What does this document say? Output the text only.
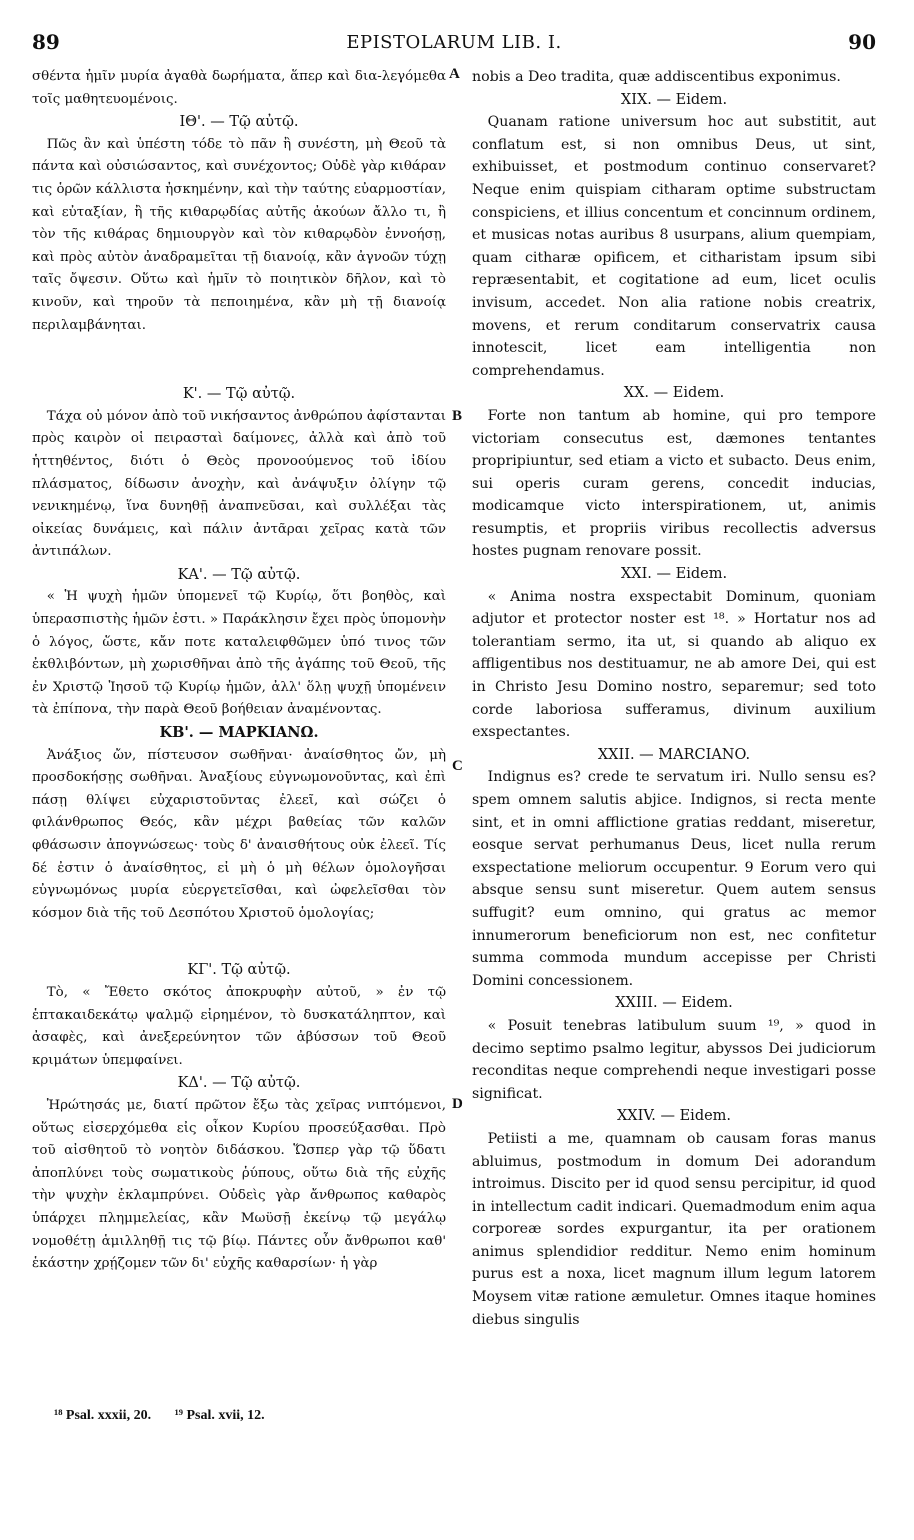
89	EPISTOLARUM LIB. I.	90

σθέντα ἡμῖν μυρία ἀγαθὰ δωρήματα, ἅπερ καὶ δια-λεγόμεθα τοῖς μαθητευομένοις.

ΙΘ'. — Τῷ αὐτῷ.

Πῶς ἂν καὶ ὑπέστη τόδε τὸ πᾶν ἢ συνέστη, μὴ Θεοῦ τὰ πάντα καὶ οὐσιώσαντος, καὶ συνέχοντος; Οὐδὲ γὰρ κιθάραν τις ὁρῶν κάλλιστα ἠσκημένην, καὶ τὴν ταύτης εὐαρμοστίαν, καὶ εὐταξίαν, ἢ τῆς κιθαρῳδίας αὐτῆς ἀκούων ἄλλο τι, ἢ τὸν τῆς κιθάρας δημιουργὸν καὶ τὸν κιθαρῳδὸν ἐννοήσῃ, καὶ πρὸς αὐτὸν ἀναδραμεῖται τῇ διανοίᾳ, κἂν ἀγνοῶν τύχῃ ταῖς ὄψεσιν. Οὕτω καὶ ἡμῖν τὸ ποιητικὸν δῆλον, καὶ τὸ κινοῦν, καὶ τηροῦν τὰ πεποιημένα, κἂν μὴ τῇ διανοίᾳ περιλαμβάνηται.

Κ'. — Τῷ αὐτῷ.

Τάχα οὐ μόνον ἀπὸ τοῦ νικήσαντος ἀνθρώπου ἀφίστανται πρὸς καιρὸν οἱ πειρασταὶ δαίμονες, ἀλλὰ καὶ ἀπὸ τοῦ ἡττηθέντος, διότι ὁ Θεὸς προνοούμενος τοῦ ἰδίου πλάσματος, δίδωσιν ἀνοχὴν, καὶ ἀνάψυξιν ὀλίγην τῷ νενικημένῳ, ἵνα δυνηθῇ ἀναπνεῦσαι, καὶ συλλέξαι τὰς οἰκείας δυνάμεις, καὶ πάλιν ἀντᾶραι χεῖρας κατὰ τῶν ἀντιπάλων.

ΚΑ'. — Τῷ αὐτῷ.

« Ἡ ψυχὴ ἡμῶν ὑπομενεῖ τῷ Κυρίῳ, ὅτι βοηθὸς, καὶ ὑπερασπιστὴς ἡμῶν ἐστι. » Παράκλησιν ἔχει πρὸς ὑπομονὴν ὁ λόγος, ὥστε, κἄν ποτε καταλειφθῶμεν ὑπό τινος τῶν ἐκθλιβόντων, μὴ χωρισθῆναι ἀπὸ τῆς ἀγάπης τοῦ Θεοῦ, τῆς ἐν Χριστῷ Ἰησοῦ τῷ Κυρίῳ ἡμῶν, ἀλλ' ὅλῃ ψυχῇ ὑπομένειν τὰ ἐπίπονα, τὴν παρὰ Θεοῦ βοήθειαν ἀναμένοντας.

ΚΒ'. — ΜΑΡΚΙΑΝΩ.

Ἀνάξιος ὤν, πίστευσον σωθῆναι· ἀναίσθητος ὤν, μὴ προσδοκήσῃς σωθῆναι. Ἀναξίους εὐγνωμονοῦντας, καὶ ἐπὶ πάσῃ θλίψει εὐχαριστοῦντας ἐλεεῖ, καὶ σώζει ὁ φιλάνθρωπος Θεός, κἂν μέχρι βαθείας τῶν καλῶν φθάσωσιν ἀπογνώσεως· τοὺς δ' ἀναισθήτους οὐκ ἐλεεῖ. Τίς δέ ἐστιν ὁ ἀναίσθητος, εἰ μὴ ὁ μὴ θέλων ὁμολογῆσαι εὐγνωμόνως μυρία εὐεργετεῖσθαι, καὶ ὠφελεῖσθαι τὸν κόσμον διὰ τῆς τοῦ Δεσπότου Χριστοῦ ὁμολογίας;

ΚΓ'. Τῷ αὐτῷ.

Τὸ, « Ἔθετο σκότος ἀποκρυφὴν αὐτοῦ, » ἐν τῷ ἑπτακαιδεκάτῳ ψαλμῷ εἰρημένον, τὸ δυσκατάληπτον, καὶ ἀσαφὲς, καὶ ἀνεξερεύνητον τῶν ἀβύσσων τοῦ Θεοῦ κριμάτων ὑπεμφαίνει.

ΚΔ'. — Τῷ αὐτῷ.

Ἠρώτησάς με, διατί πρῶτον ἔξω τὰς χεῖρας νιπτόμενοι, οὕτως εἰσερχόμεθα εἰς οἶκον Κυρίου προσεύξασθαι. Πρὸ τοῦ αἰσθητοῦ τὸ νοητὸν διδάσκου. Ὥσπερ γὰρ τῷ ὕδατι ἀποπλύνει τοὺς σωματικοὺς ῥύπους, οὕτω διὰ τῆς εὐχῆς τὴν ψυχὴν ἐκλαμπρύνει. Οὐδεὶς γὰρ ἄνθρωπος καθαρὸς ὑπάρχει πλημμελείας, κἂν Μωϋσῇ ἐκείνῳ τῷ μεγάλῳ νομοθέτῃ ἁμιλληθῇ τις τῷ βίῳ. Πάντες οὖν ἄνθρωποι καθ' ἑκάστην χρῄζομεν τῶν δι' εὐχῆς καθαρσίων· ἡ γὰρ

A
B
C
D

nobis a Deo tradita, quæ addiscentibus exponimus.

XIX. — Eidem.

Quanam ratione universum hoc aut substitit, aut conflatum est, si non omnibus Deus, ut sint, exhibuisset, et postmodum continuo conservaret? Neque enim quispiam citharam optime substructam conspiciens, et illius concentum et concinnum ordinem, et musicas notas auribus 8 usurpans, alium quempiam, quam citharæ opificem, et citharistam ipsum sibi repræsentabit, et cogitatione ad eum, licet oculis invisum, accedet. Non alia ratione nobis creatrix, movens, et rerum conditarum conservatrix causa innotescit, licet eam intelligentia non comprehendamus.

XX. — Eidem.

Forte non tantum ab homine, qui pro tempore victoriam consecutus est, dæmones tentantes propripiuntur, sed etiam a victo et subacto. Deus enim, sui operis curam gerens, concedit inducias, modicamque victo interspirationem, ut, animis resumptis, et propriis viribus recollectis adversus hostes pugnam renovare possit.

XXI. — Eidem.

« Anima nostra exspectabit Dominum, quoniam adjutor et protector noster est ¹⁸. » Hortatur nos ad tolerantiam sermo, ita ut, si quando ab aliquo ex affligentibus nos destituamur, ne ab amore Dei, qui est in Christo Jesu Domino nostro, separemur; sed toto corde laboriosa sufferamus, divinum auxilium exspectantes.

XXII. — MARCIANO.

Indignus es? crede te servatum iri. Nullo sensu es? spem omnem salutis abjice. Indignos, si recta mente sint, et in omni afflictione gratias reddant, miseretur, eosque servat perhumanus Deus, licet nulla rerum exspectatione meliorum occupentur. 9 Eorum vero qui absque sensu sunt miseretur. Quem autem sensus suffugit? eum omnino, qui gratus ac memor innumerorum beneficiorum non est, nec confitetur summa commoda mundum accepisse per Christi Domini concessionem.

XXIII. — Eidem.

« Posuit tenebras latibulum suum ¹⁹, » quod in decimo septimo psalmo legitur, abyssos Dei judiciorum reconditas neque comprehendi neque investigari posse significat.

XXIV. — Eidem.

Petiisti a me, quamnam ob causam foras manus abluimus, postmodum in domum Dei adorandum introimus. Discito per id quod sensu percipitur, id quod in intellectum cadit indicari. Quemadmodum enim aqua corporeæ sordes expurgantur, ita per orationem animus splendidior redditur. Nemo enim hominum purus est a noxa, licet magnum illum legum latorem Moysem vitæ ratione æmuletur. Omnes itaque homines diebus singulis

¹⁸ Psal. xxxii, 20. ¹⁹ Psal. xvii, 12.
